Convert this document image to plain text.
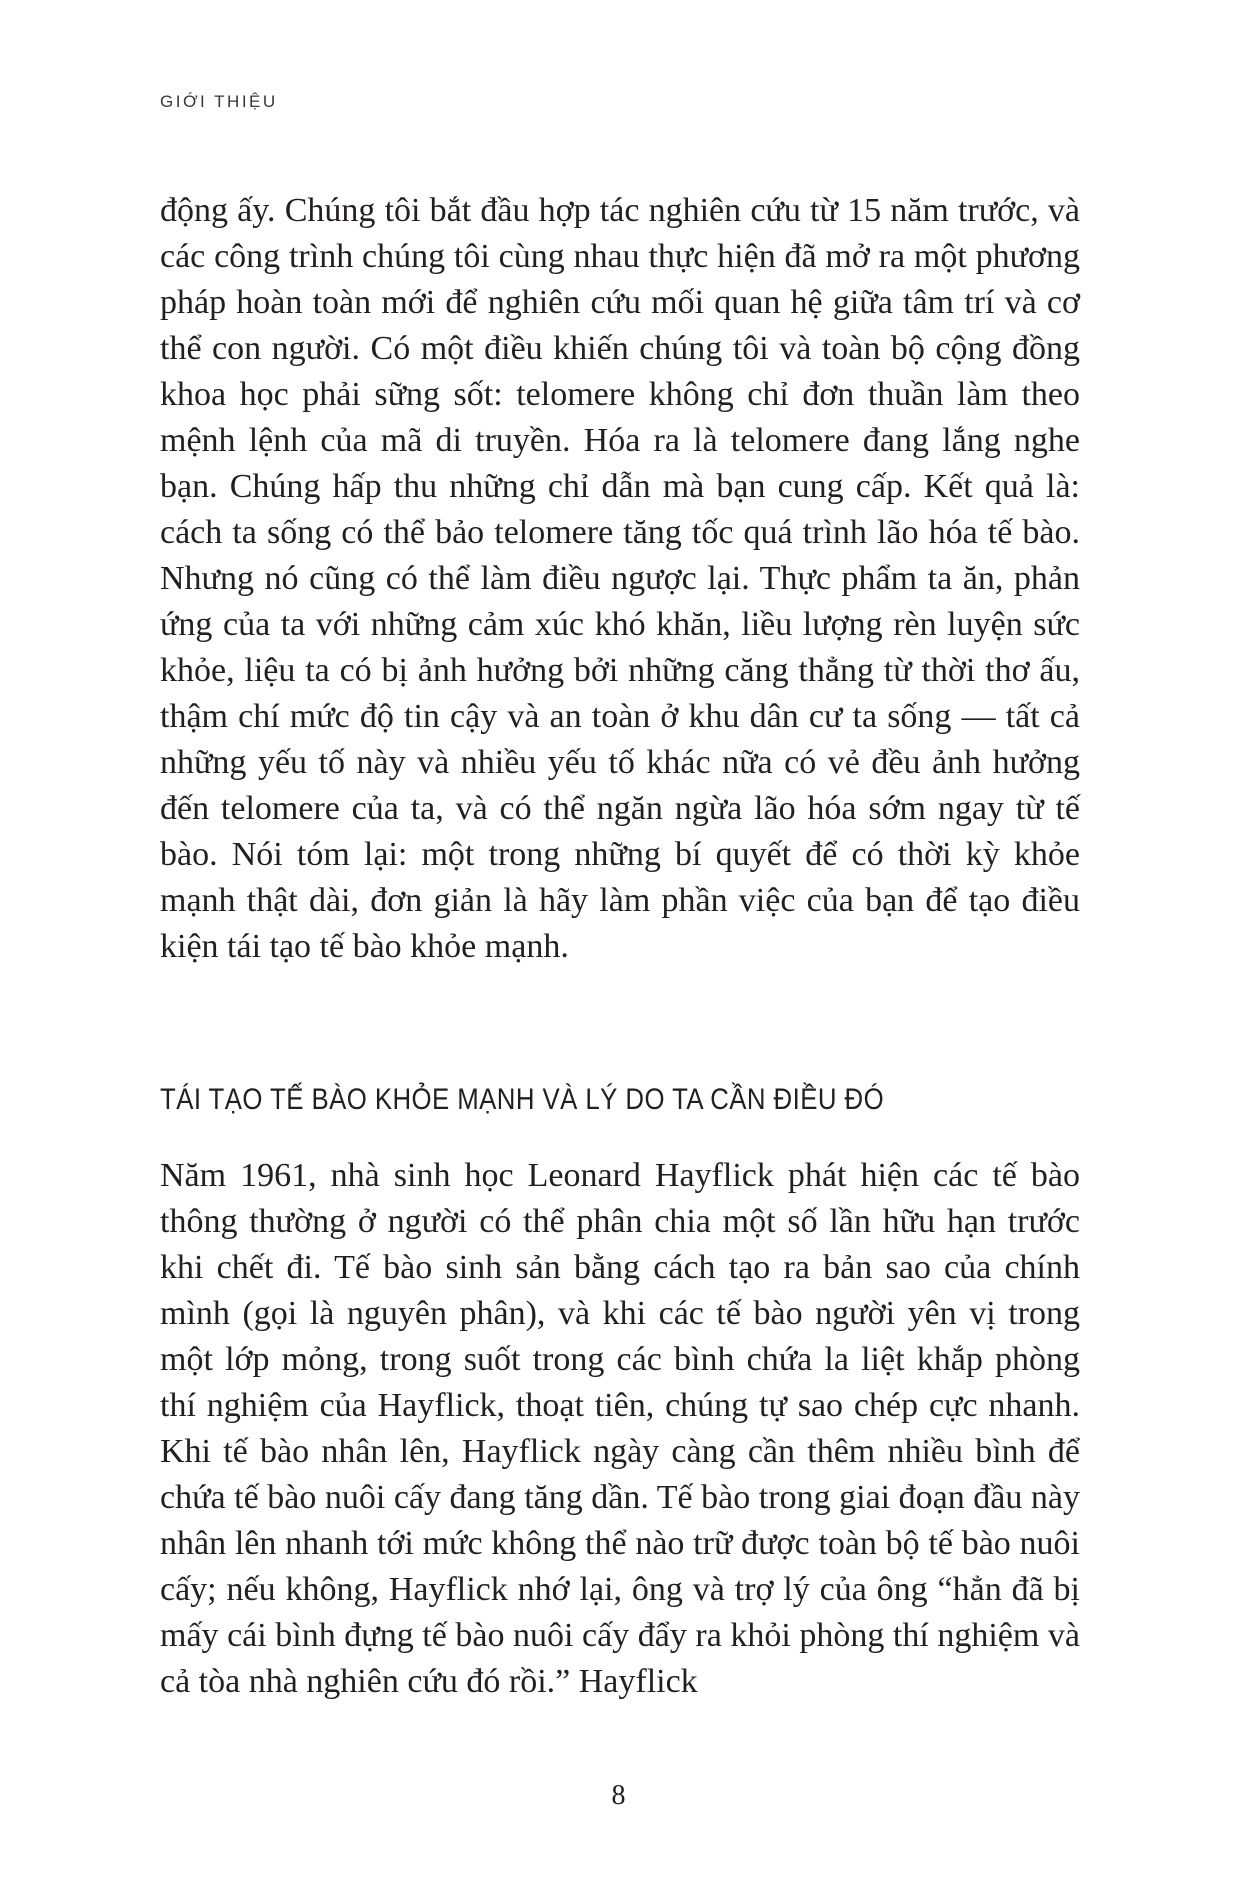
GIỚI THIỆU

động ấy. Chúng tôi bắt đầu hợp tác nghiên cứu từ 15 năm trước, và các công trình chúng tôi cùng nhau thực hiện đã mở ra một phương pháp hoàn toàn mới để nghiên cứu mối quan hệ giữa tâm trí và cơ thể con người. Có một điều khiến chúng tôi và toàn bộ cộng đồng khoa học phải sững sốt: telomere không chỉ đơn thuần làm theo mệnh lệnh của mã di truyền. Hóa ra là telomere đang lắng nghe bạn. Chúng hấp thu những chỉ dẫn mà bạn cung cấp. Kết quả là: cách ta sống có thể bảo telomere tăng tốc quá trình lão hóa tế bào. Nhưng nó cũng có thể làm điều ngược lại. Thực phẩm ta ăn, phản ứng của ta với những cảm xúc khó khăn, liều lượng rèn luyện sức khỏe, liệu ta có bị ảnh hưởng bởi những căng thẳng từ thời thơ ấu, thậm chí mức độ tin cậy và an toàn ở khu dân cư ta sống — tất cả những yếu tố này và nhiều yếu tố khác nữa có vẻ đều ảnh hưởng đến telomere của ta, và có thể ngăn ngừa lão hóa sớm ngay từ tế bào. Nói tóm lại: một trong những bí quyết để có thời kỳ khỏe mạnh thật dài, đơn giản là hãy làm phần việc của bạn để tạo điều kiện tái tạo tế bào khỏe mạnh.

TÁI TẠO TẾ BÀO KHỎE MẠNH VÀ LÝ DO TA CẦN ĐIỀU ĐÓ

Năm 1961, nhà sinh học Leonard Hayflick phát hiện các tế bào thông thường ở người có thể phân chia một số lần hữu hạn trước khi chết đi. Tế bào sinh sản bằng cách tạo ra bản sao của chính mình (gọi là nguyên phân), và khi các tế bào người yên vị trong một lớp mỏng, trong suốt trong các bình chứa la liệt khắp phòng thí nghiệm của Hayflick, thoạt tiên, chúng tự sao chép cực nhanh. Khi tế bào nhân lên, Hayflick ngày càng cần thêm nhiều bình để chứa tế bào nuôi cấy đang tăng dần. Tế bào trong giai đoạn đầu này nhân lên nhanh tới mức không thể nào trữ được toàn bộ tế bào nuôi cấy; nếu không, Hayflick nhớ lại, ông và trợ lý của ông “hẳn đã bị mấy cái bình đựng tế bào nuôi cấy đẩy ra khỏi phòng thí nghiệm và cả tòa nhà nghiên cứu đó rồi.” Hayflick

8
